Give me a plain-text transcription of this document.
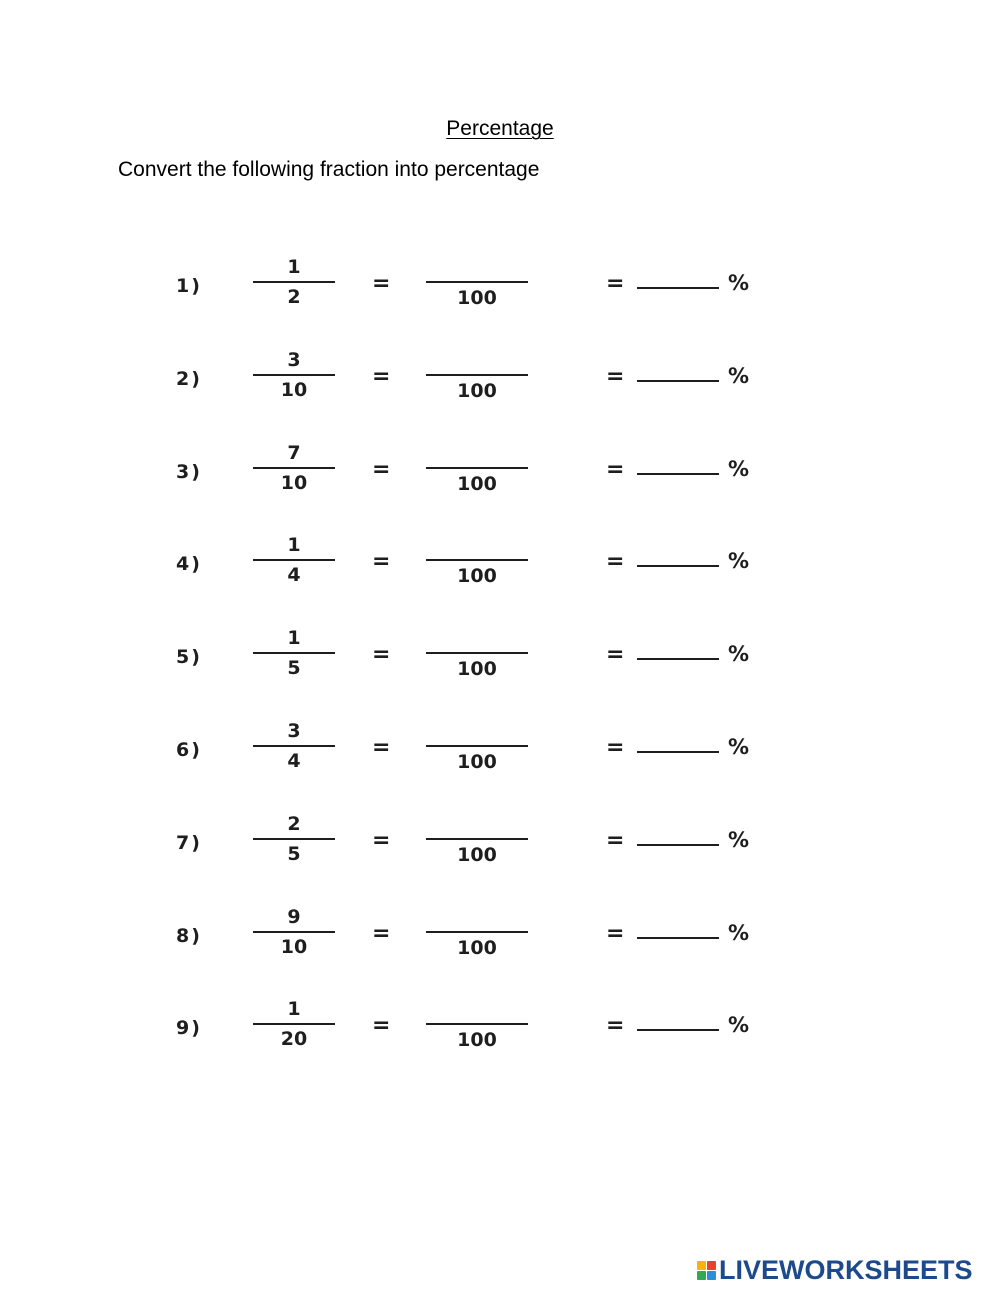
Percentage
Convert the following fraction into percentage
1)
1
2
=
100
=	%
2)
3
10
=
100
=	%
3)
7
10
=
100
=	%
4)
1
4
=
100
=	%
5)
1
5
=
100
=	%
6)
3
4
=
100
=	%
7)
2
5
=
100
=	%
8)
9
10
=
100
=	%
9)
1
20
=
100
=	%
LIVEWORKSHEETS
